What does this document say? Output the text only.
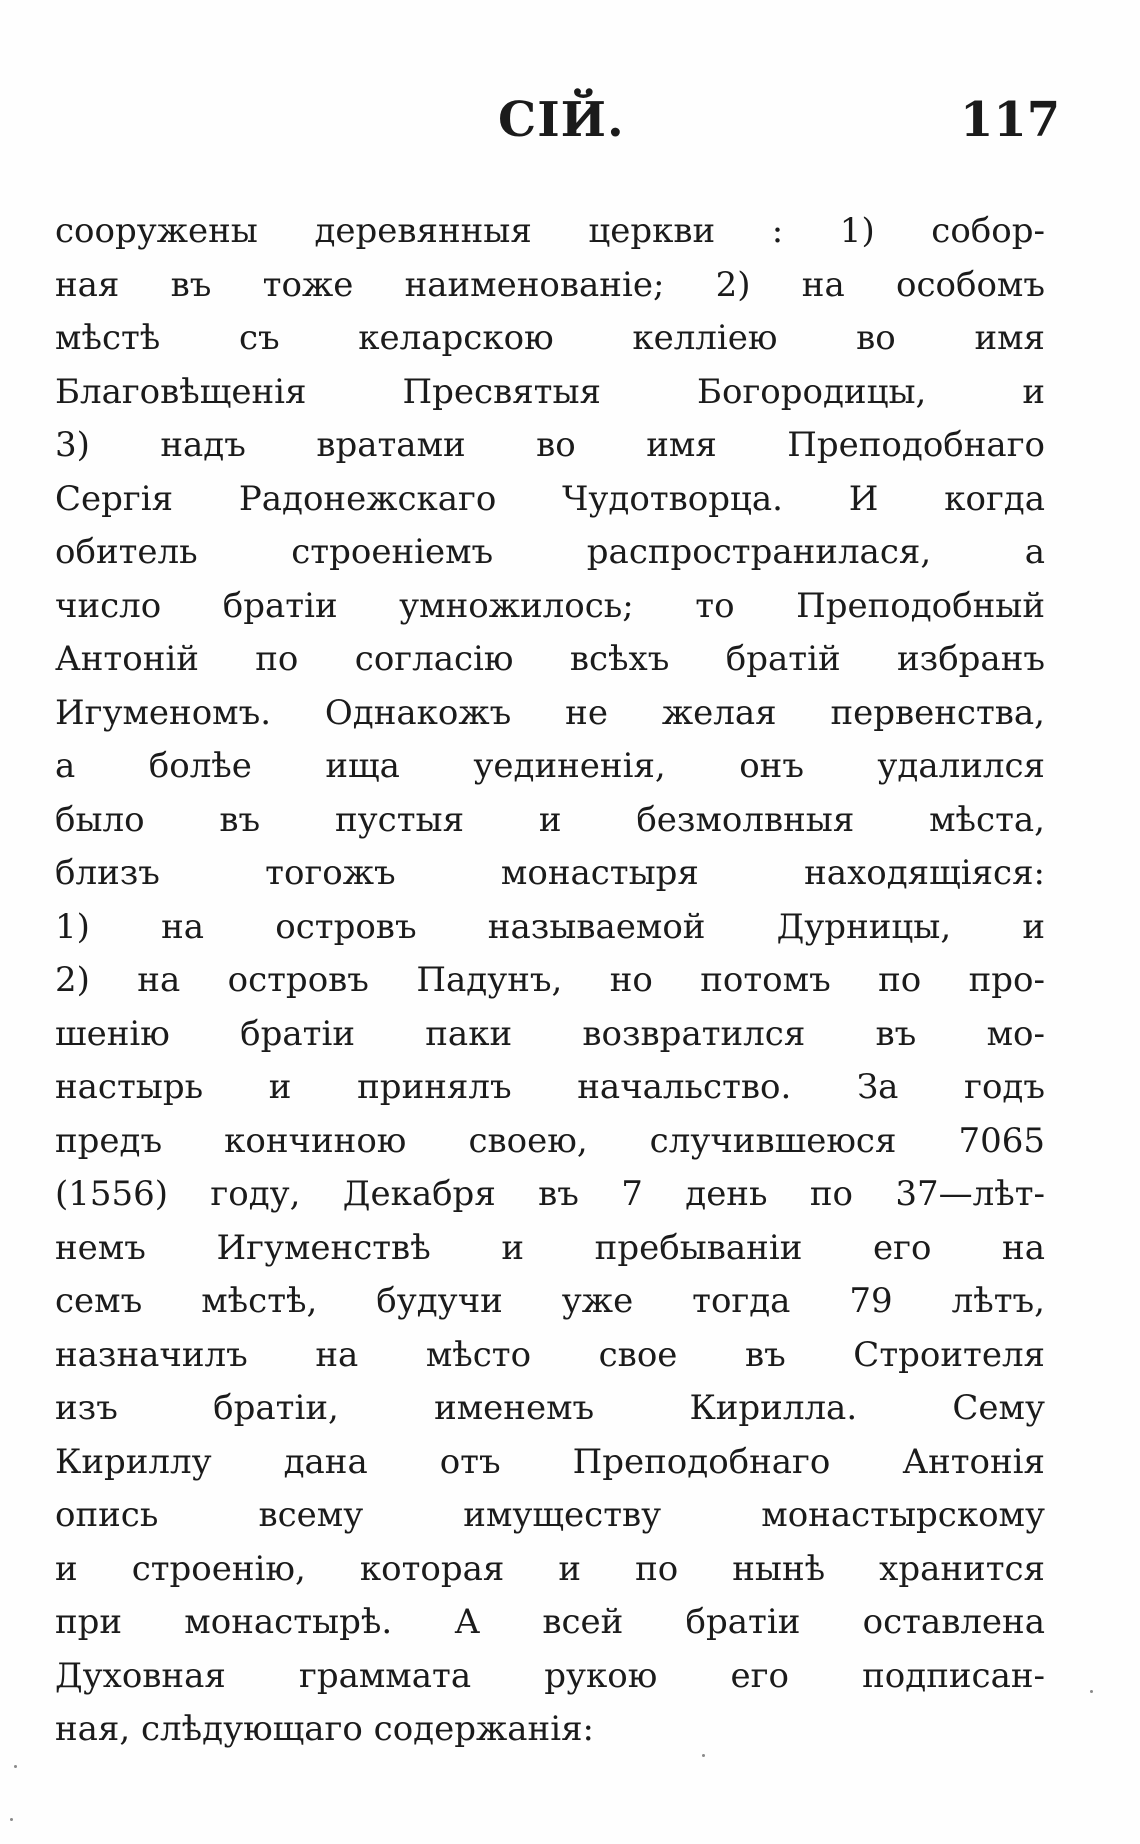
СІЙ.	117
сооружены деревянныя церкви : 1) собор-
ная въ тоже наименованіе; 2) на особомъ
мѣстѣ съ келарскою келліею во имя
Благовѣщенія Пресвятыя Богородицы, и
3) надъ вратами во имя Преподобнаго
Сергія Радонежскаго Чудотворца. И когда
обитель строеніемъ распространилася, а
число братіи умножилось; то Преподобный
Антоній по согласію всѣхъ братій избранъ
Игуменомъ. Однакожъ не желая первенства,
а болѣе ища уединенія, онъ удалился
было въ пустыя и безмолвныя мѣста,
близъ тогожъ монастыря находящіяся:
1) на островъ называемой Дурницы, и
2) на островъ Падунъ, но потомъ по про-
шенію братіи паки возвратился въ мо-
настырь и принялъ начальство. За годъ
предъ кончиною своею, случившеюся 7065
(1556) году, Декабря въ 7 день по 37—лѣт-
немъ Игуменствѣ и пребываніи его на
семъ мѣстѣ, будучи уже тогда 79 лѣтъ,
назначилъ на мѣсто свое въ Строителя
изъ братіи, именемъ Кирилла. Сему
Кириллу дана отъ Преподобнаго Антонія
опись всему имуществу монастырскому
и строенію, которая и по нынѣ хранится
при монастырѣ. А всей братіи оставлена
Духовная граммата рукою его подписан-
ная, слѣдующаго содержанія:
